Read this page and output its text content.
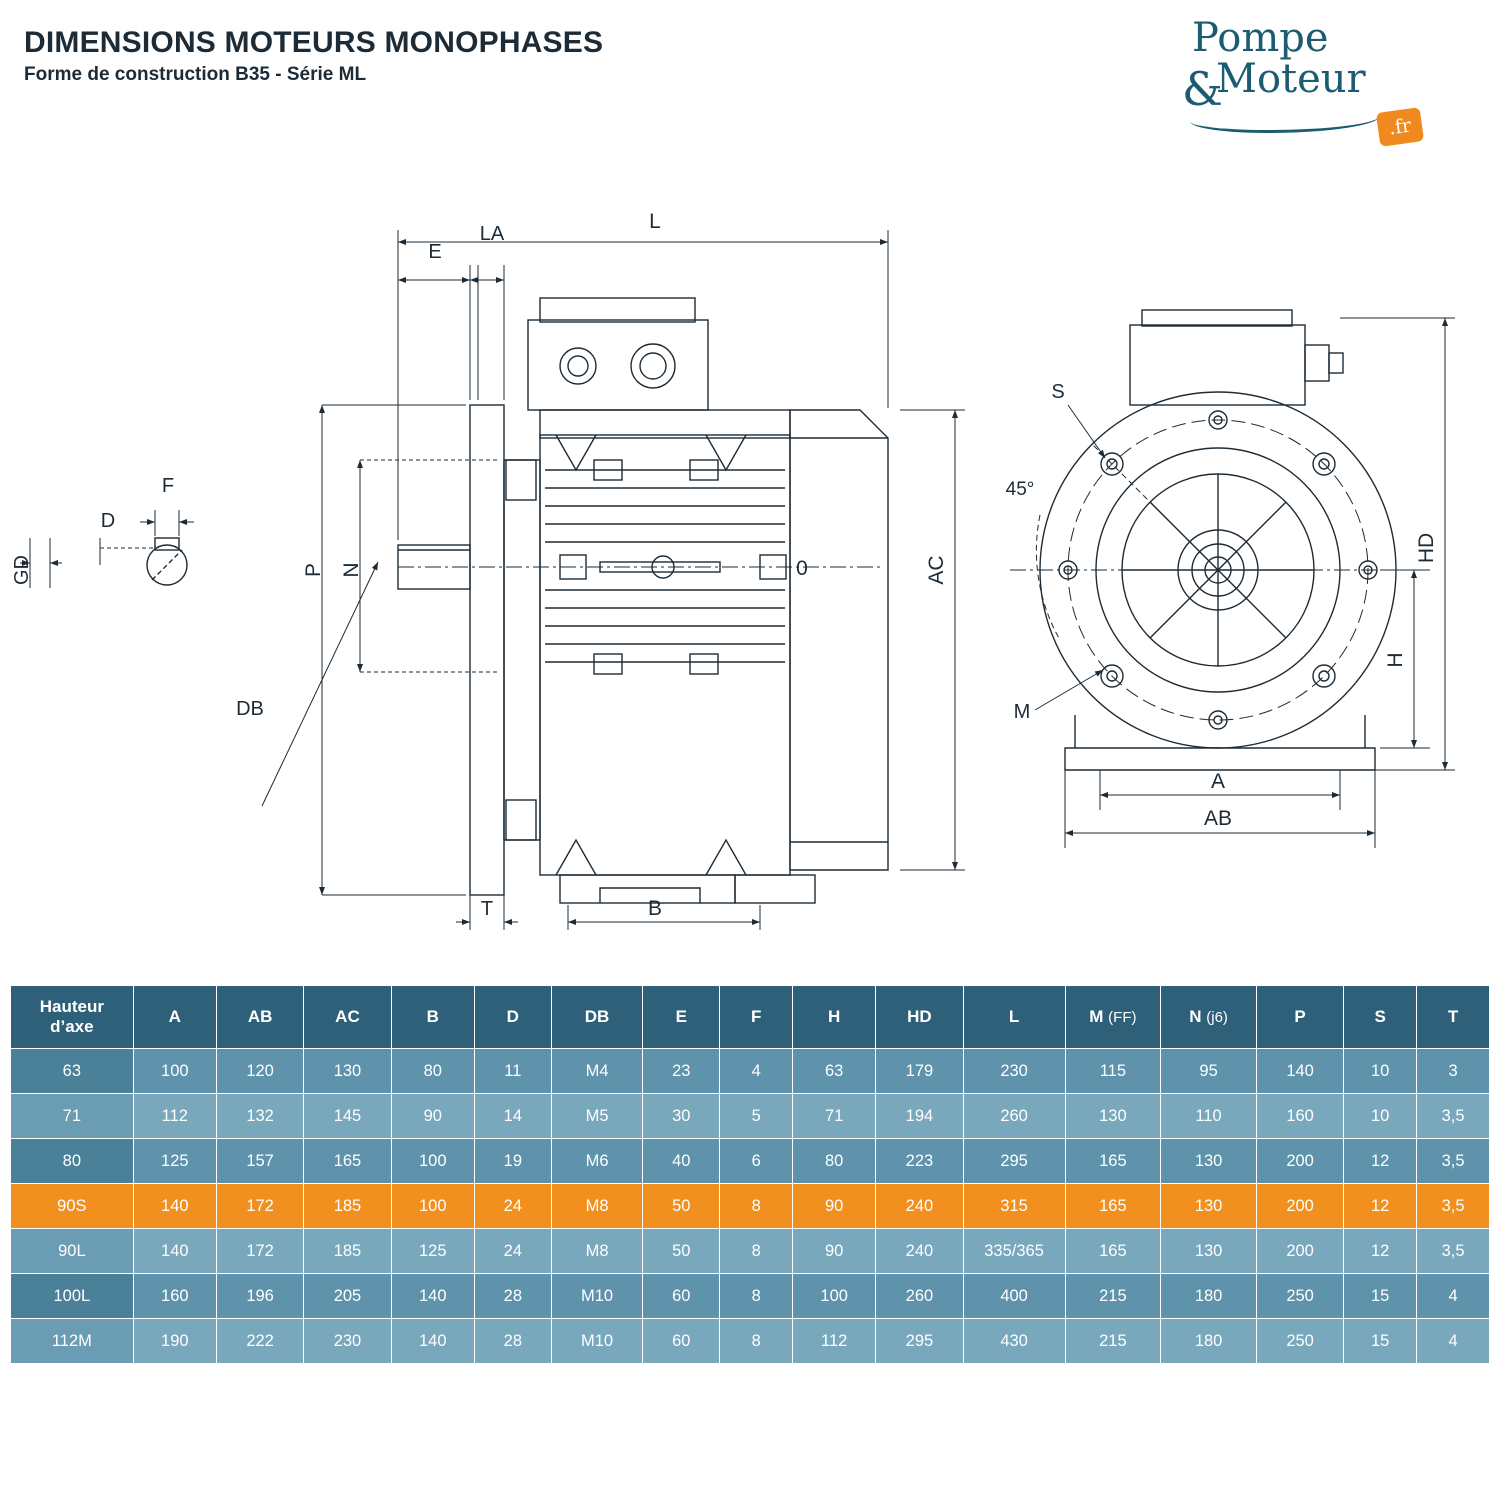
DIMENSIONS MOTEURS MONOPHASES
Forme de construction B35 - Série ML
Pompe
&
Moteur
.fr
F
D
GD
L
E
LA
P N
DB
T	B
AC
0
S
M
45°
HD
H
A
AB
Hauteur
d’axe	A	AB	AC	B	D	DB	E	F	H	HD	L	M (FF)	N (j6)	P	S	T
63	100	120	130	80	11	M4	23	4	63	179	230	115	95	140	10	3
71	112	132	145	90	14	M5	30	5	71	194	260	130	110	160	10	3,5
80	125	157	165	100	19	M6	40	6	80	223	295	165	130	200	12	3,5
90S	140	172	185	100	24	M8	50	8	90	240	315	165	130	200	12	3,5
90L	140	172	185	125	24	M8	50	8	90	240	335/365	165	130	200	12	3,5
100L	160	196	205	140	28	M10	60	8	100	260	400	215	180	250	15	4
112M	190	222	230	140	28	M10	60	8	112	295	430	215	180	250	15	4
